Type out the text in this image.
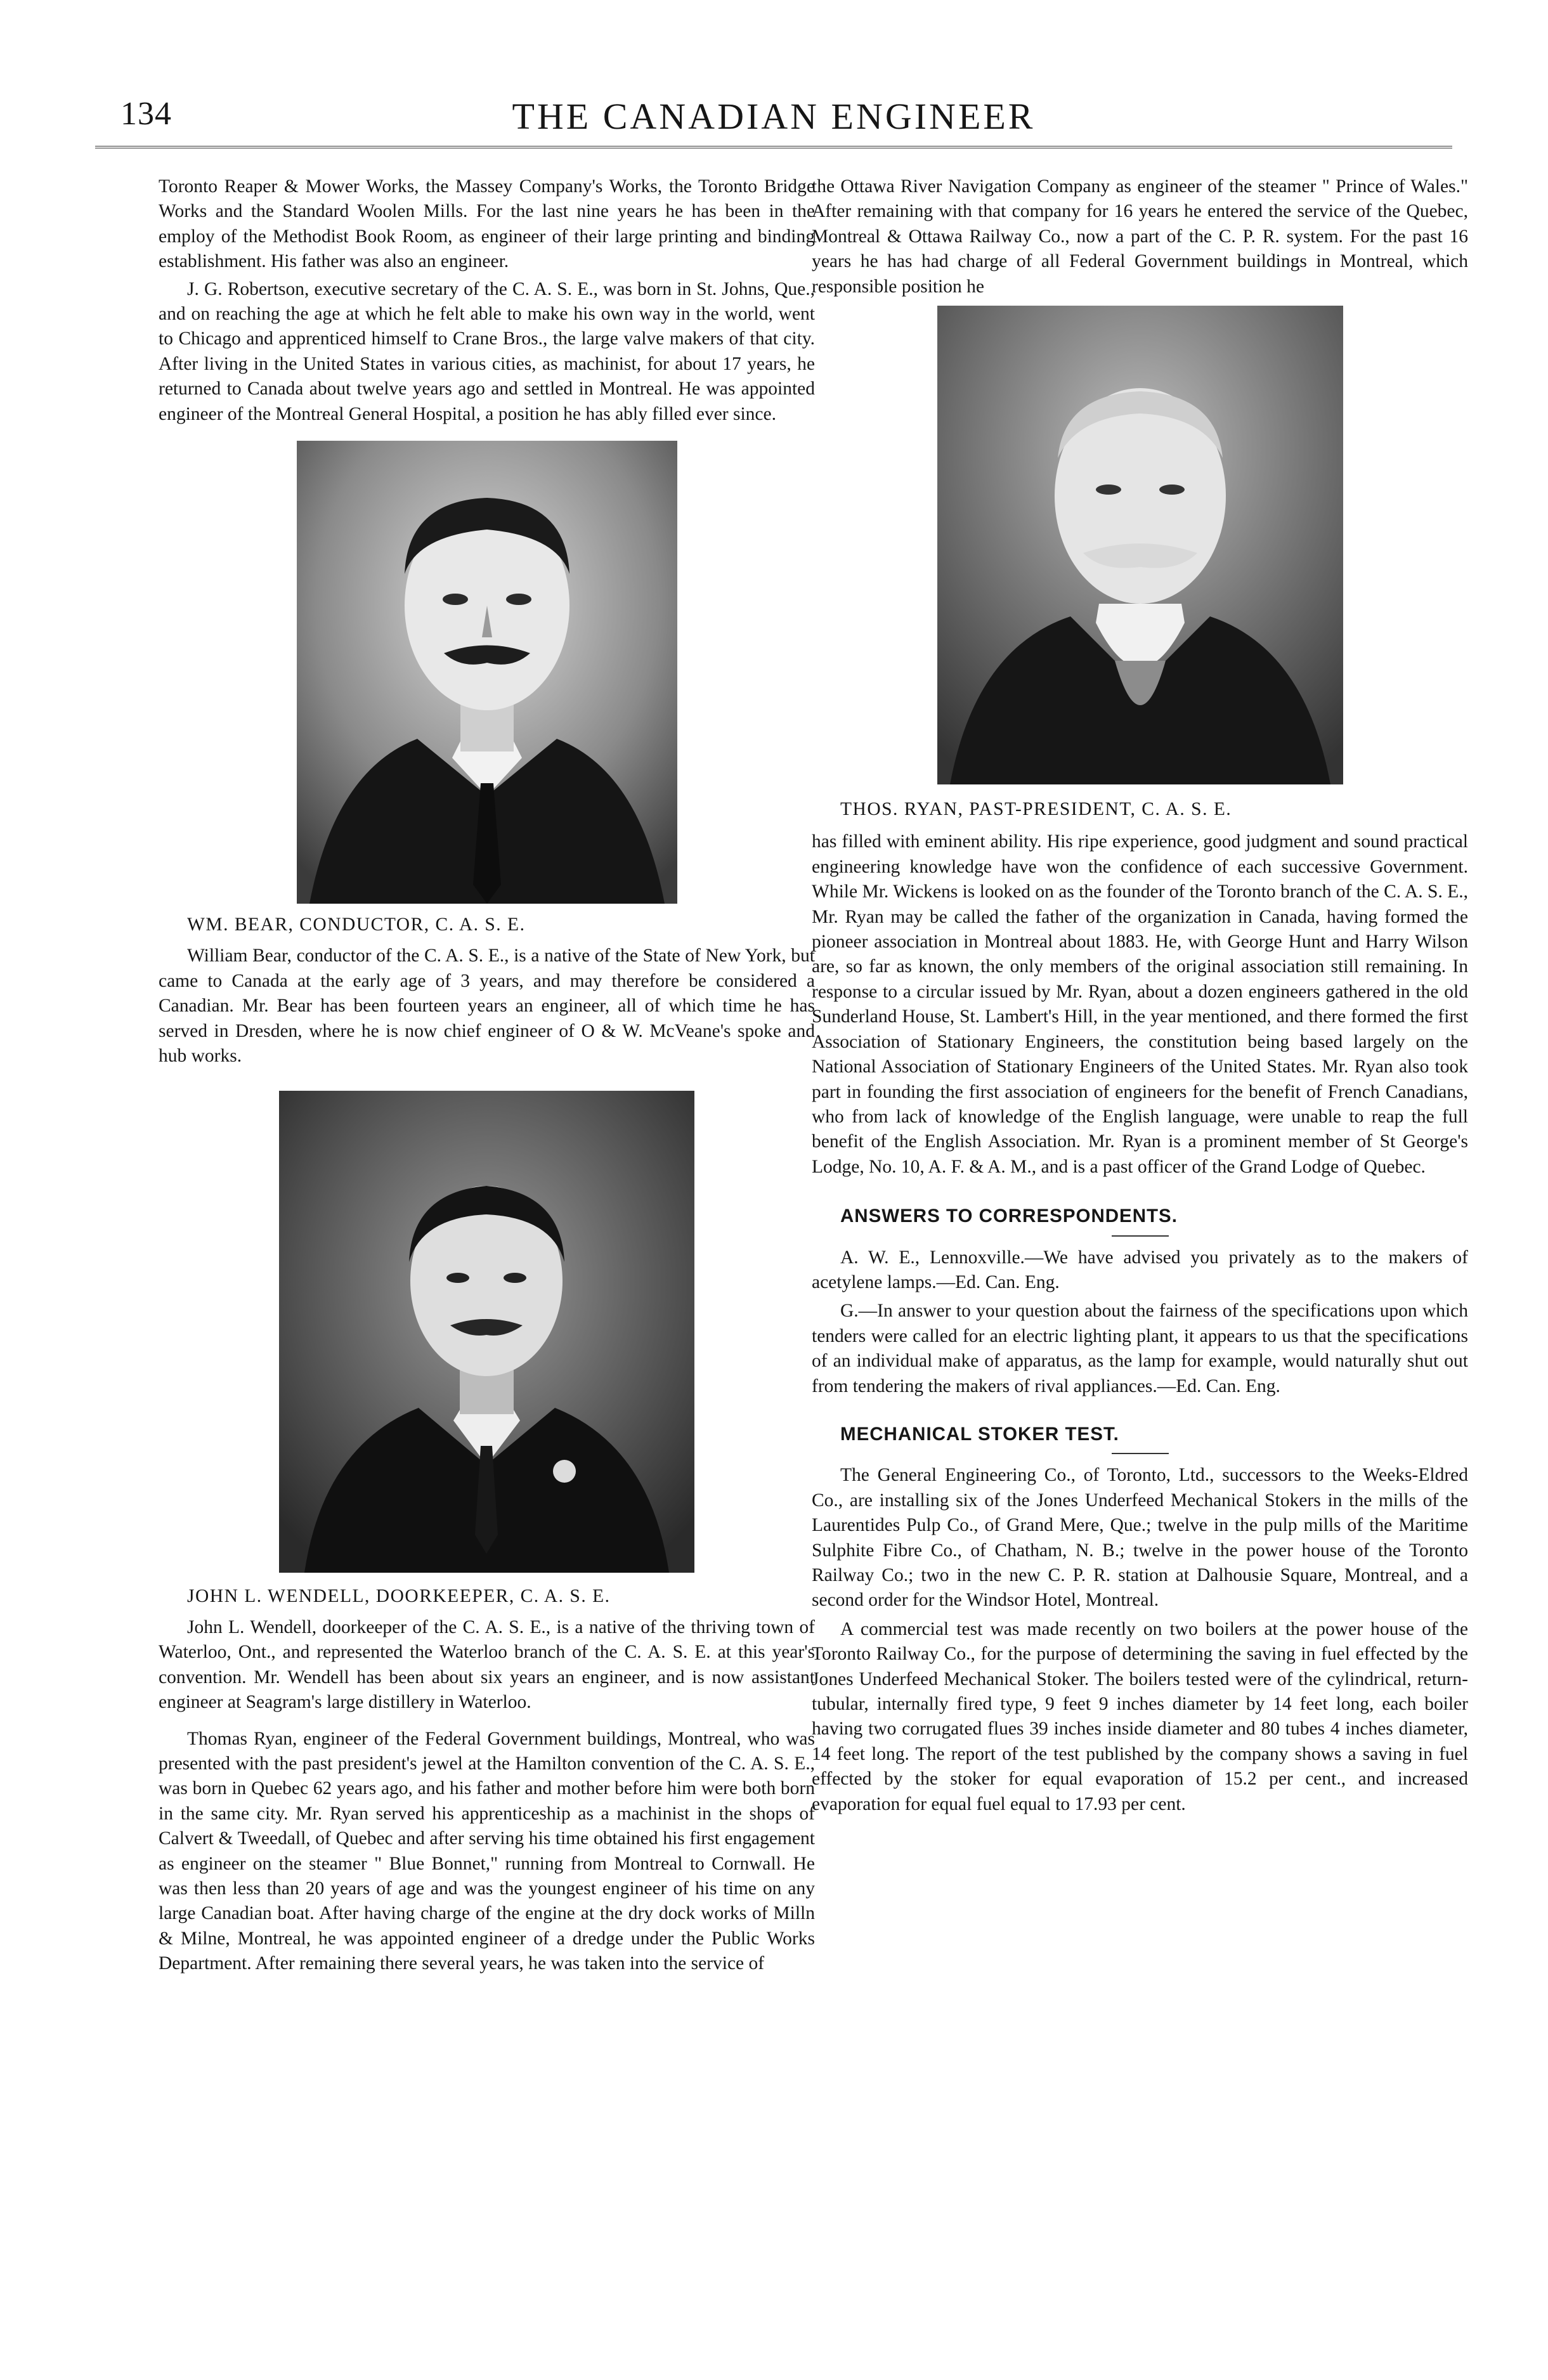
134	THE CANADIAN ENGINEER

Toronto Reaper & Mower Works, the Massey Company's Works, the Toronto Bridge Works and the Standard Woolen Mills. For the last nine years he has been in the employ of the Methodist Book Room, as engineer of their large printing and binding establishment. His father was also an engineer.

J. G. Robertson, executive secretary of the C. A. S. E., was born in St. Johns, Que., and on reaching the age at which he felt able to make his own way in the world, went to Chicago and apprenticed himself to Crane Bros., the large valve makers of that city. After living in the United States in various cities, as machinist, for about 17 years, he returned to Canada about twelve years ago and settled in Montreal. He was appointed engineer of the Montreal General Hospital, a position he has ably filled ever since.

WM. BEAR, CONDUCTOR, C. A. S. E.

William Bear, conductor of the C. A. S. E., is a native of the State of New York, but came to Canada at the early age of 3 years, and may therefore be considered a Canadian. Mr. Bear has been fourteen years an engineer, all of which time he has served in Dresden, where he is now chief engineer of O & W. McVeane's spoke and hub works.

JOHN L. WENDELL, DOORKEEPER, C. A. S. E.

John L. Wendell, doorkeeper of the C. A. S. E., is a native of the thriving town of Waterloo, Ont., and represented the Waterloo branch of the C. A. S. E. at this year's convention. Mr. Wendell has been about six years an engineer, and is now assistant engineer at Seagram's large distillery in Waterloo.

Thomas Ryan, engineer of the Federal Government buildings, Montreal, who was presented with the past president's jewel at the Hamilton convention of the C. A. S. E., was born in Quebec 62 years ago, and his father and mother before him were both born in the same city. Mr. Ryan served his apprenticeship as a machinist in the shops of Calvert & Tweedall, of Quebec and after serving his time obtained his first engagement as engineer on the steamer " Blue Bonnet," running from Montreal to Cornwall. He was then less than 20 years of age and was the youngest engineer of his time on any large Canadian boat. After having charge of the engine at the dry dock works of Milln & Milne, Montreal, he was appointed engineer of a dredge under the Public Works Department. After remaining there several years, he was taken into the service of

the Ottawa River Navigation Company as engineer of the steamer " Prince of Wales." After remaining with that company for 16 years he entered the service of the Quebec, Montreal & Ottawa Railway Co., now a part of the C. P. R. system. For the past 16 years he has had charge of all Federal Government buildings in Montreal, which responsible position he

THOS. RYAN, PAST-PRESIDENT, C. A. S. E.

has filled with eminent ability. His ripe experience, good judgment and sound practical engineering knowledge have won the confidence of each successive Government. While Mr. Wickens is looked on as the founder of the Toronto branch of the C. A. S. E., Mr. Ryan may be called the father of the organization in Canada, having formed the pioneer association in Montreal about 1883. He, with George Hunt and Harry Wilson are, so far as known, the only members of the original association still remaining. In response to a circular issued by Mr. Ryan, about a dozen engineers gathered in the old Sunderland House, St. Lambert's Hill, in the year mentioned, and there formed the first Association of Stationary Engineers, the constitution being based largely on the National Association of Stationary Engineers of the United States. Mr. Ryan also took part in founding the first association of engineers for the benefit of French Canadians, who from lack of knowledge of the English language, were unable to reap the full benefit of the English Association. Mr. Ryan is a prominent member of St George's Lodge, No. 10, A. F. & A. M., and is a past officer of the Grand Lodge of Quebec.

ANSWERS TO CORRESPONDENTS.

A. W. E., Lennoxville.—We have advised you privately as to the makers of acetylene lamps.—Ed. Can. Eng.

G.—In answer to your question about the fairness of the specifications upon which tenders were called for an electric lighting plant, it appears to us that the specifications of an individual make of apparatus, as the lamp for example, would naturally shut out from tendering the makers of rival appliances.—Ed. Can. Eng.

MECHANICAL STOKER TEST.

The General Engineering Co., of Toronto, Ltd., successors to the Weeks-Eldred Co., are installing six of the Jones Underfeed Mechanical Stokers in the mills of the Laurentides Pulp Co., of Grand Mere, Que.; twelve in the pulp mills of the Maritime Sulphite Fibre Co., of Chatham, N. B.; twelve in the power house of the Toronto Railway Co.; two in the new C. P. R. station at Dalhousie Square, Montreal, and a second order for the Windsor Hotel, Montreal.

A commercial test was made recently on two boilers at the power house of the Toronto Railway Co., for the purpose of determining the saving in fuel effected by the Jones Underfeed Mechanical Stoker. The boilers tested were of the cylindrical, return-tubular, internally fired type, 9 feet 9 inches diameter by 14 feet long, each boiler having two corrugated flues 39 inches inside diameter and 80 tubes 4 inches diameter, 14 feet long. The report of the test published by the company shows a saving in fuel effected by the stoker for equal evaporation of 15.2 per cent., and increased evaporation for equal fuel equal to 17.93 per cent.
